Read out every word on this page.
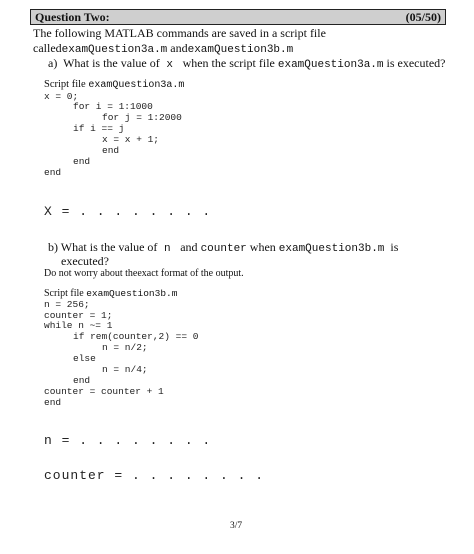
Question Two:	(05/50)
The following MATLAB commands are saved in a script file
calledexamQuestion3a.m andexamQuestion3b.m
a)  What is the value of x  when the script file examQuestion3a.m is executed?
Script file examQuestion3a.m
x = 0;
for i = 1:1000
for j = 1:2000
if i == j
x = x + 1;
end
end
end
X = . . . . . . . .
b) What is the value of n  and counter when examQuestion3b.m  is
executed?
Do not worry about theexact format of the output.
Script file examQuestion3b.m
n = 256;
counter = 1;
while n ~= 1
if rem(counter,2) == 0
n = n/2;
else
n = n/4;
end
counter = counter + 1
end
n = . . . . . . . .
counter = . . . . . . . .
3/7
